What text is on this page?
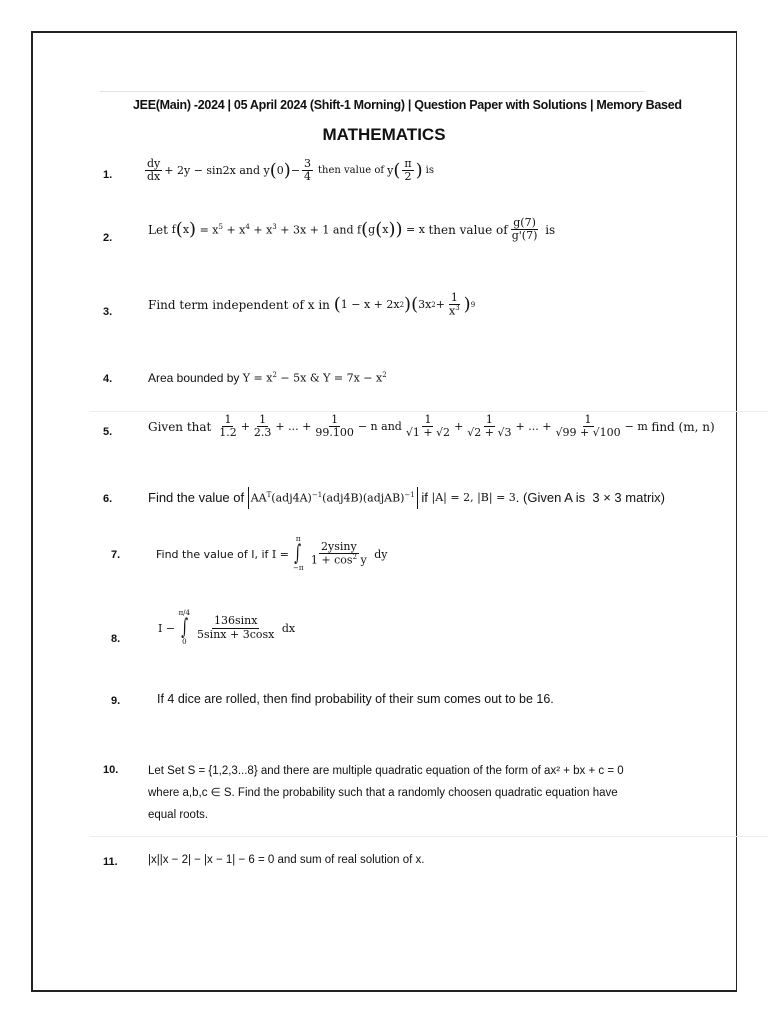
JEE(Main) -2024 | 05 April 2024 (Shift-1 Morning) | Question Paper with Solutions | Memory Based
MATHEMATICS
1.	$\frac{dy}{dx} + 2y - \sin 2x$ and y ( 0 ) − $\frac{3}{4}$ then value of y ( $\frac{\pi}{2}$ ) is
2.
Let f ( x ) = $x^5 + x^4 + x^3 + 3x + 1$ and f ( g ( x ) ) = x then value of $\frac{g(7)}{g'(7)}$ is
3.
Find term independent of x in ( 1 − x + 2x 2 ) ( 3x $2 + \frac{1}{x^3}$ ) 9
4.	Area bounded by $Y = x^2 - 5x$ & $Y = 7x - x^2$
5.	Given that $\frac{1}{1.2} + \frac{1}{2.3}$ + ... + $\frac{1}{99.100} - n$ and $\frac{1}{√1 + √2} + \frac{1}{√2 + √3}$ + ... + $\frac{1}{√99 + √100} - m$ find (m, n)
6.	Find the value of $AA^T(adj4A)^{-1}(adj4B)(adjAB)^{-1}$ if |A| = 2, |B| = 3 . (Given A is  3 × 3 matrix)
7.	Find the value of I, if I =
π
∫
−π
$\frac{2ysiny}{1 + \cos^2 y}$ dy
8.
I −
π/4
∫
0
$\frac{136\sin x}{5\sin x + 3\cos x}$ dx
9.	If 4 dice are rolled, then find probability of their sum comes out to be 16.
10.	Let Set S = {1,2,3...8} and there are multiple quadratic equation of the form of ax² + bx + c = 0

where a,b,c ∈ S. Find the probability such that a randomly choosen quadratic equation have

equal roots.

11.	|x||x − 2| − |x − 1| − 6 = 0 and sum of real solution of x.
